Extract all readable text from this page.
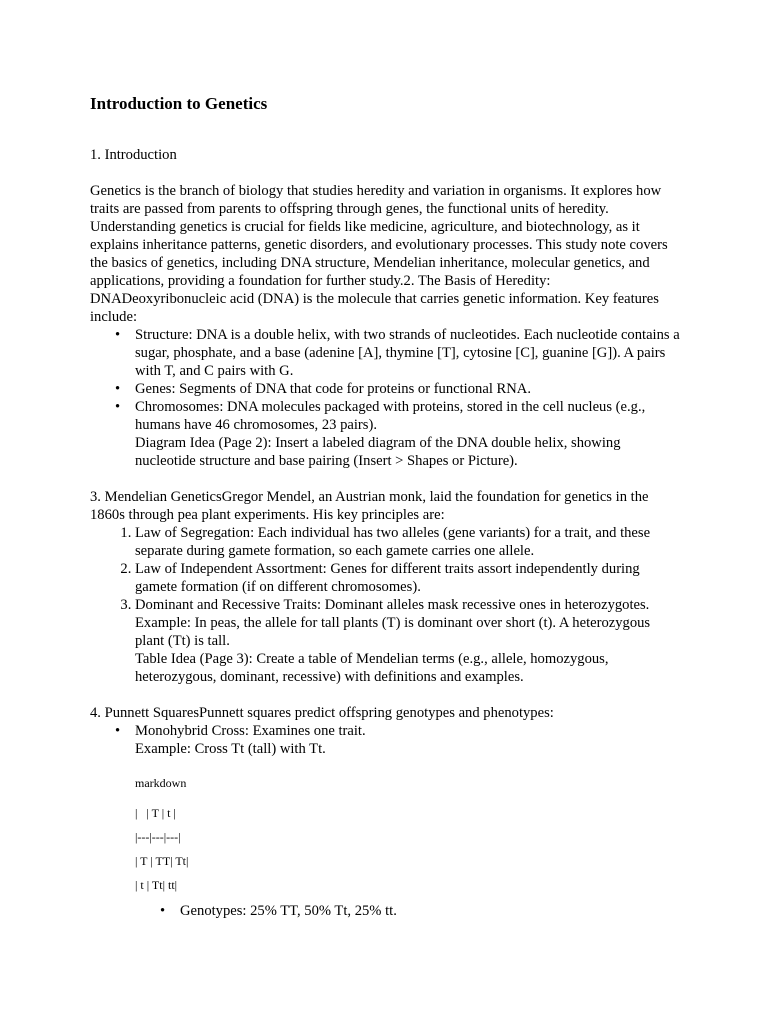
Introduction to Genetics

1. Introduction

Genetics is the branch of biology that studies heredity and variation in organisms. It explores how traits are passed from parents to offspring through genes, the functional units of heredity. Understanding genetics is crucial for fields like medicine, agriculture, and biotechnology, as it explains inheritance patterns, genetic disorders, and evolutionary processes. This study note covers the basics of genetics, including DNA structure, Mendelian inheritance, molecular genetics, and applications, providing a foundation for further study.2. The Basis of Heredity: DNADeoxyribonucleic acid (DNA) is the molecule that carries genetic information. Key features include:

• Structure: DNA is a double helix, with two strands of nucleotides. Each nucleotide contains a sugar, phosphate, and a base (adenine [A], thymine [T], cytosine [C], guanine [G]). A pairs with T, and C pairs with G.
• Genes: Segments of DNA that code for proteins or functional RNA.
• Chromosomes: DNA molecules packaged with proteins, stored in the cell nucleus (e.g., humans have 46 chromosomes, 23 pairs).
Diagram Idea (Page 2): Insert a labeled diagram of the DNA double helix, showing nucleotide structure and base pairing (Insert > Shapes or Picture).

3. Mendelian GeneticsGregor Mendel, an Austrian monk, laid the foundation for genetics in the 1860s through pea plant experiments. His key principles are:

1. Law of Segregation: Each individual has two alleles (gene variants) for a trait, and these separate during gamete formation, so each gamete carries one allele.
2. Law of Independent Assortment: Genes for different traits assort independently during gamete formation (if on different chromosomes).
3. Dominant and Recessive Traits: Dominant alleles mask recessive ones in heterozygotes.
Example: In peas, the allele for tall plants (T) is dominant over short (t). A heterozygous plant (Tt) is tall.
Table Idea (Page 3): Create a table of Mendelian terms (e.g., allele, homozygous, heterozygous, dominant, recessive) with definitions and examples.

4. Punnett SquaresPunnett squares predict offspring genotypes and phenotypes:

• Monohybrid Cross: Examines one trait.
Example: Cross Tt (tall) with Tt.
markdown
|   | T | t |
|---|---|---|
| T | TT| Tt|
| t | Tt| tt|
• Genotypes: 25% TT, 50% Tt, 25% tt.
